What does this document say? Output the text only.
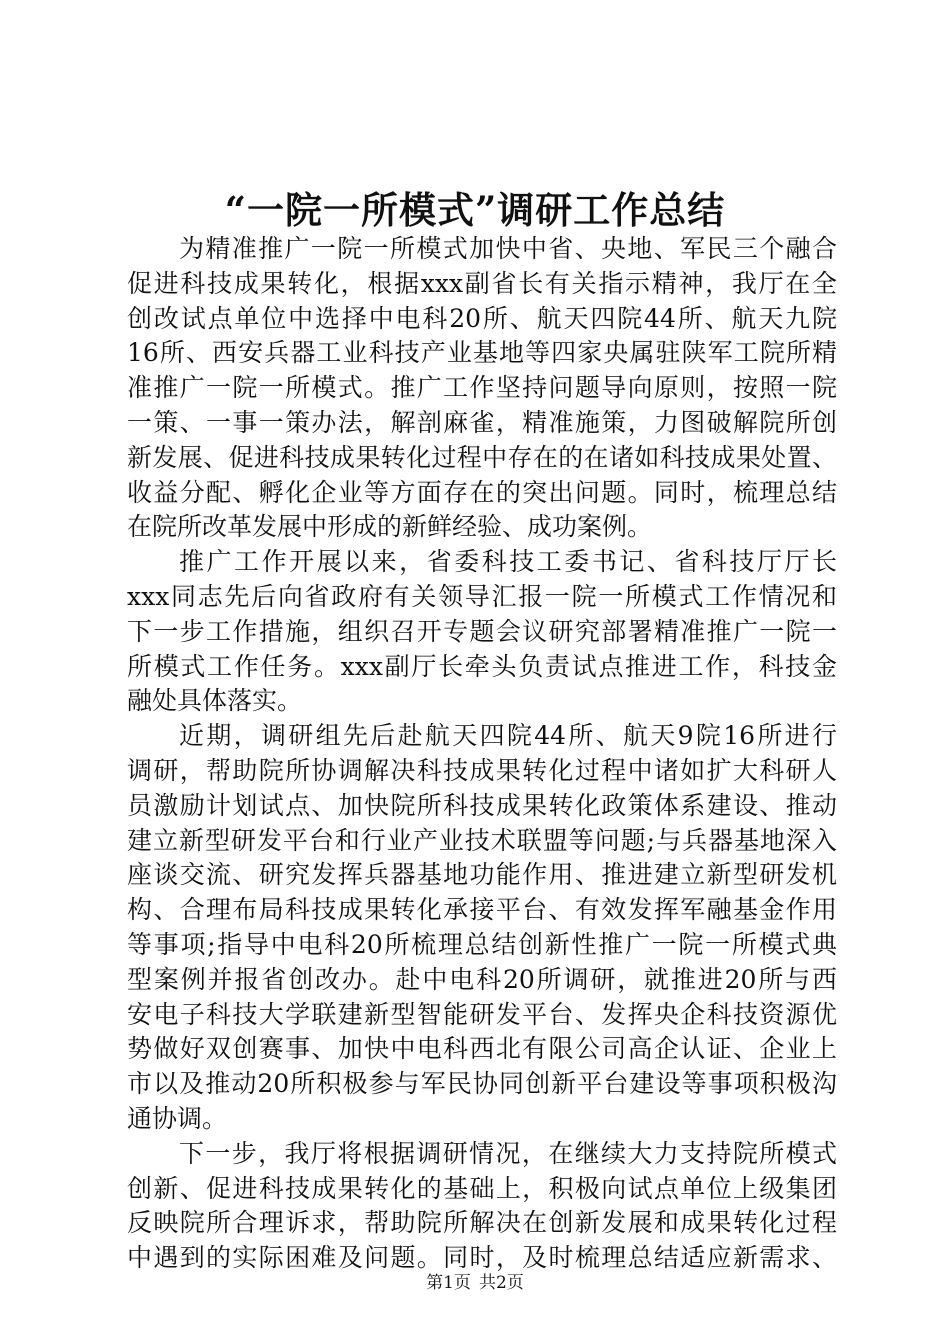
“一院一所模式”调研工作总结
为精准推广一院一所模式加快中省、央地、军民三个融合
促进科技成果转化，根据xxx副省长有关指示精神，我厅在全
创改试点单位中选择中电科20所、航天四院44所、航天九院
16所、西安兵器工业科技产业基地等四家央属驻陕军工院所精
准推广一院一所模式。推广工作坚持问题导向原则，按照一院
一策、一事一策办法，解剖麻雀，精准施策，力图破解院所创
新发展、促进科技成果转化过程中存在的在诸如科技成果处置、
收益分配、孵化企业等方面存在的突出问题。同时，梳理总结
在院所改革发展中形成的新鲜经验、成功案例。
推广工作开展以来，省委科技工委书记、省科技厅厅长
xxx同志先后向省政府有关领导汇报一院一所模式工作情况和
下一步工作措施，组织召开专题会议研究部署精准推广一院一
所模式工作任务。xxx副厅长牵头负责试点推进工作，科技金
融处具体落实。
近期，调研组先后赴航天四院44所、航天9院16所进行
调研，帮助院所协调解决科技成果转化过程中诸如扩大科研人
员激励计划试点、加快院所科技成果转化政策体系建设、推动
建立新型研发平台和行业产业技术联盟等问题;与兵器基地深入
座谈交流、研究发挥兵器基地功能作用、推进建立新型研发机
构、合理布局科技成果转化承接平台、有效发挥军融基金作用
等事项;指导中电科20所梳理总结创新性推广一院一所模式典
型案例并报省创改办。赴中电科20所调研，就推进20所与西
安电子科技大学联建新型智能研发平台、发挥央企科技资源优
势做好双创赛事、加快中电科西北有限公司高企认证、企业上
市以及推动20所积极参与军民协同创新平台建设等事项积极沟
通协调。
下一步，我厅将根据调研情况，在继续大力支持院所模式
创新、促进科技成果转化的基础上，积极向试点单位上级集团
反映院所合理诉求，帮助院所解决在创新发展和成果转化过程
中遇到的实际困难及问题。同时，及时梳理总结适应新需求、
第1页 共2页
